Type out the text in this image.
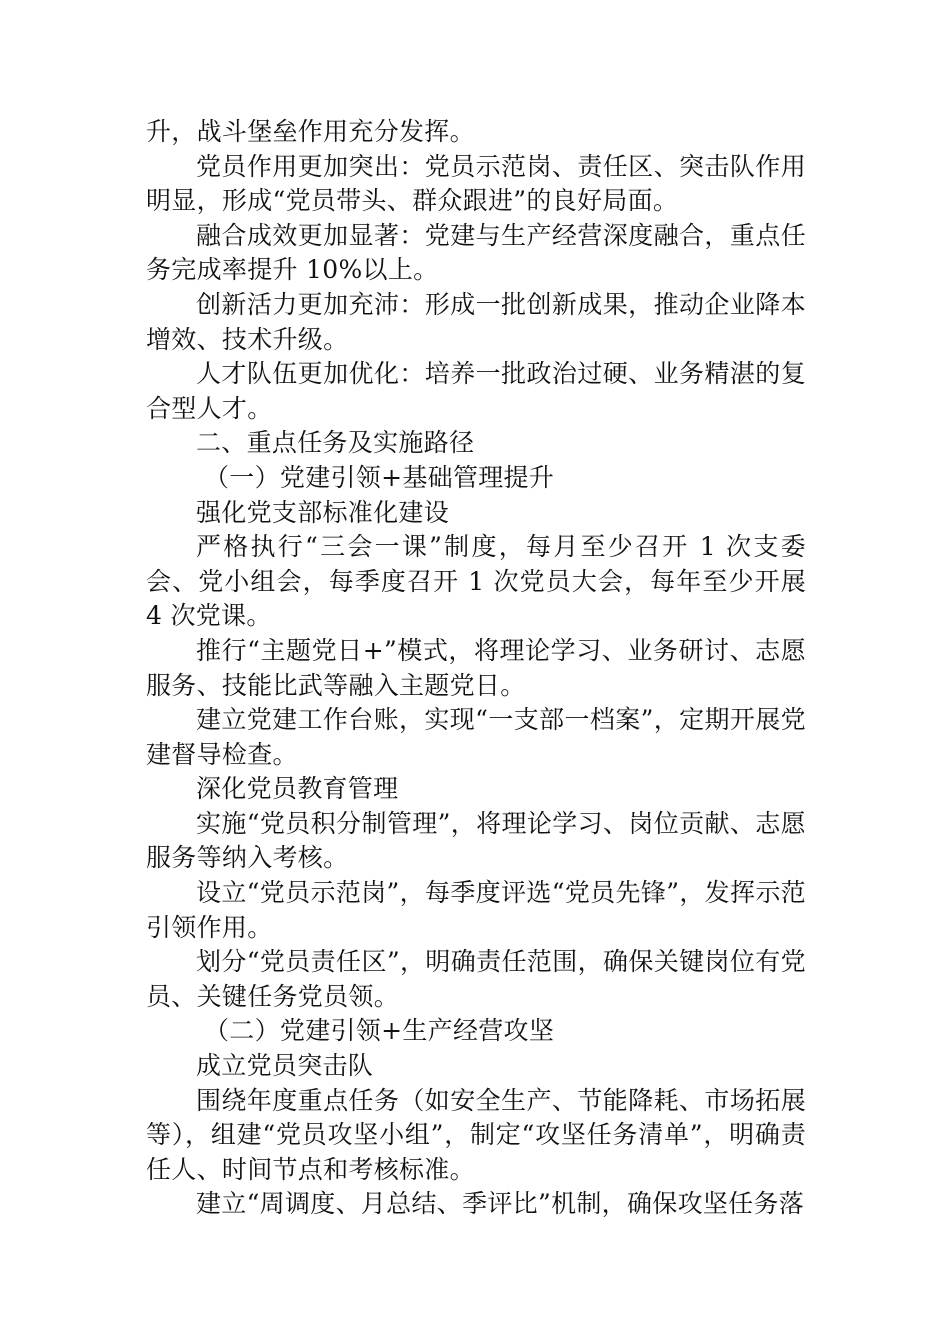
升，战斗堡垒作用充分发挥。

党员作用更加突出：党员示范岗、责任区、突击队作用明显，形成“党员带头、群众跟进”的良好局面。

融合成效更加显著：党建与生产经营深度融合，重点任务完成率提升 10%以上。

创新活力更加充沛：形成一批创新成果，推动企业降本增效、技术升级。

人才队伍更加优化：培养一批政治过硬、业务精湛的复合型人才。

二、重点任务及实施路径

（一）党建引领+基础管理提升

强化党支部标准化建设

严格执行“三会一课”制度，每月至少召开 1 次支委会、党小组会，每季度召开 1 次党员大会，每年至少开展 4 次党课。

推行“主题党日+”模式，将理论学习、业务研讨、志愿服务、技能比武等融入主题党日。

建立党建工作台账，实现“一支部一档案”，定期开展党建督导检查。

深化党员教育管理

实施“党员积分制管理”，将理论学习、岗位贡献、志愿服务等纳入考核。

设立“党员示范岗”，每季度评选“党员先锋”，发挥示范引领作用。

划分“党员责任区”，明确责任范围，确保关键岗位有党员、关键任务党员领。

（二）党建引领+生产经营攻坚

成立党员突击队

围绕年度重点任务（如安全生产、节能降耗、市场拓展等），组建“党员攻坚小组”，制定“攻坚任务清单”，明确责任人、时间节点和考核标准。

建立“周调度、月总结、季评比”机制，确保攻坚任务落
